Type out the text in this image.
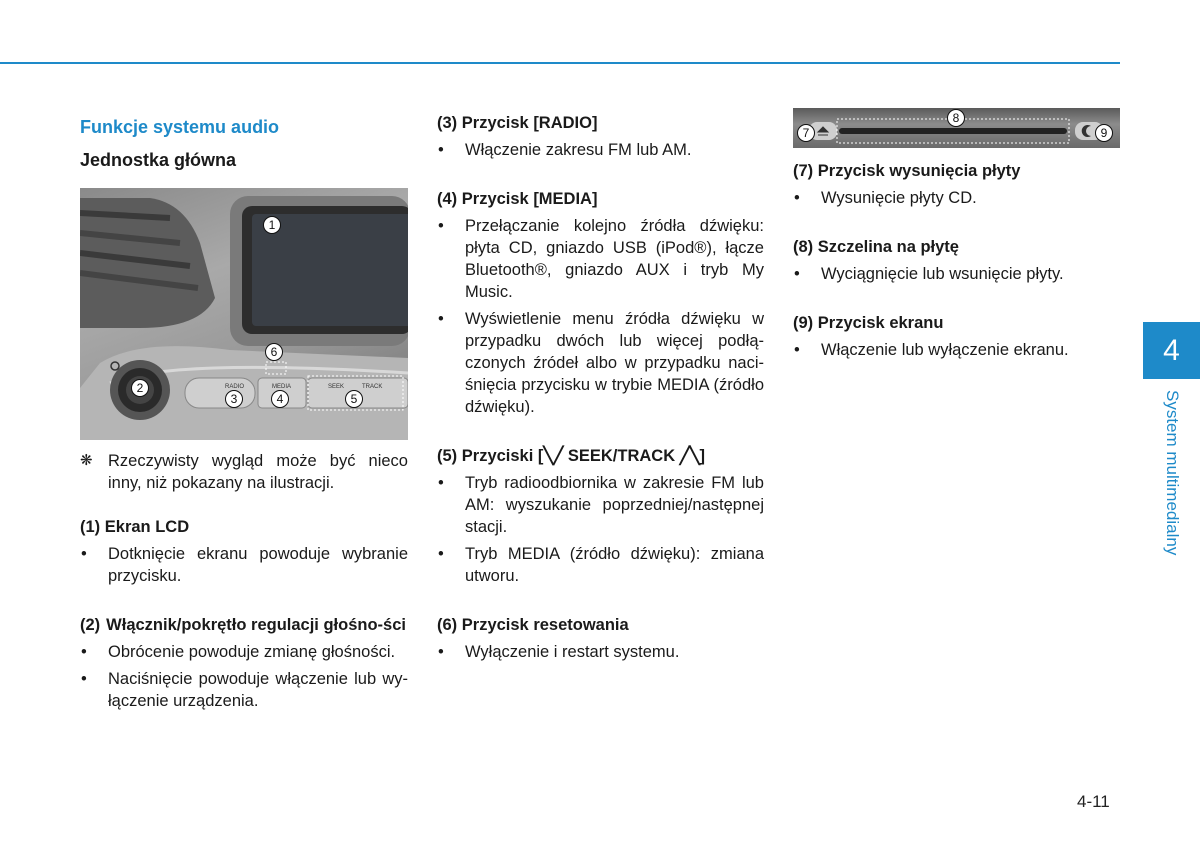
Funkcje systemu audio
Jednostka główna
RADIO	MEDIA	SEEK	TRACK
1
2
3	4	5
6
❋ Rzeczywisty wygląd może być nieco inny, niż pokazany na ilustracji.
(1) Ekran LCD
• Dotknięcie ekranu powoduje wybranie przycisku.
(2) Włącznik/pokrętło regulacji głośno-ści
• Obrócenie powoduje zmianę głośności.
• Naciśnięcie powoduje włączenie lub wy-łączenie urządzenia.
(3) Przycisk [RADIO]
• Włączenie zakresu FM lub AM.
(4) Przycisk [MEDIA]
• Przełączanie kolejno źródła dźwięku: płyta CD, gniazdo USB (iPod®), łącze Bluetooth®, gniazdo AUX i tryb My Music.
• Wyświetlenie menu źródła dźwięku w przypadku dwóch lub więcej podłą-czonych źródeł albo w przypadku naci-śnięcia przycisku w trybie MEDIA (źródło dźwięku).
(5) Przyciski [╲╱ SEEK/TRACK ╱╲]
• Tryb radioodbiornika w zakresie FM lub AM: wyszukanie poprzedniej/następnej stacji.
• Tryb MEDIA (źródło dźwięku): zmiana utworu.
(6) Przycisk resetowania
• Wyłączenie i restart systemu.
7
8
9
(7) Przycisk wysunięcia płyty
• Wysunięcie płyty CD.
(8) Szczelina na płytę
• Wyciągnięcie lub wsunięcie płyty.
(9) Przycisk ekranu
• Włączenie lub wyłączenie ekranu.	4
System multimedialny
4-11
